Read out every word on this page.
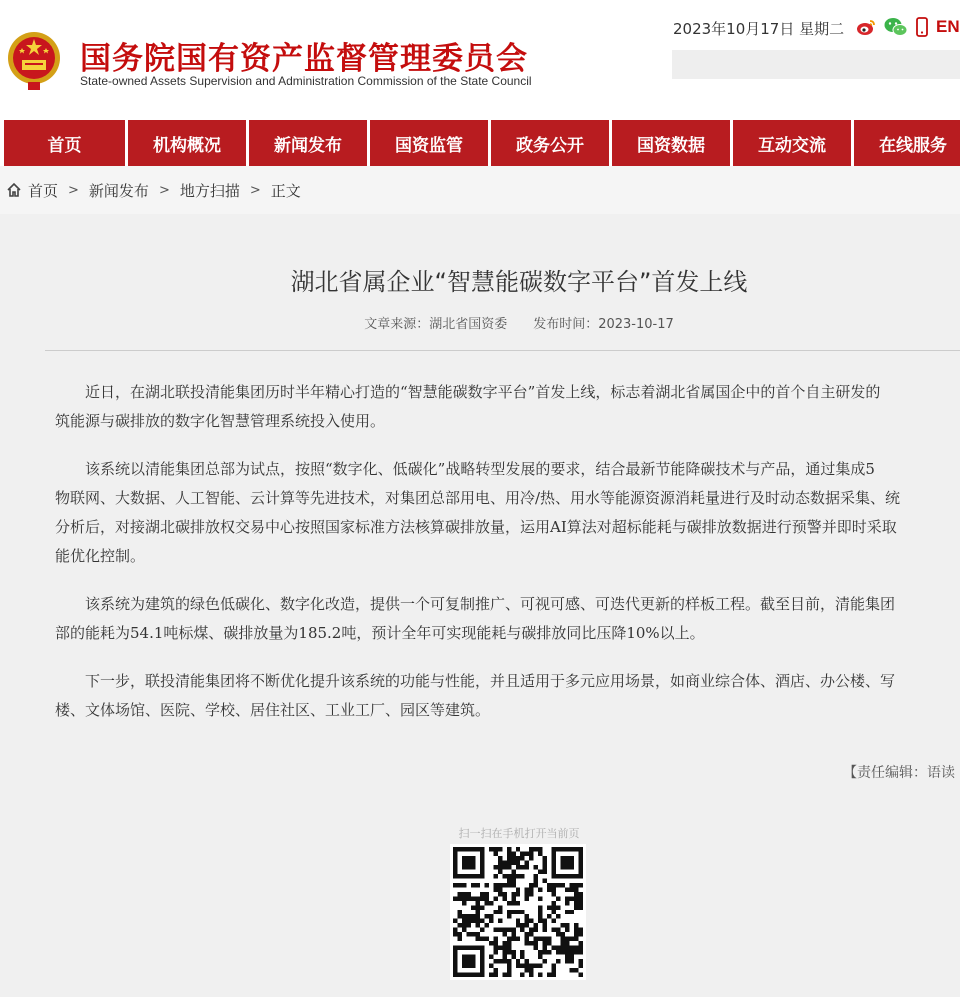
国务院国有资产监督管理委员会
State-owned Assets Supervision and Administration Commission of the State Council
2023年10月17日 星期二	EN
首页	机构概况	新闻发布	国资监管	政务公开	国资数据	互动交流	在线服务
首页 > 新闻发布 > 地方扫描 > 正文
湖北省属企业“智慧能碳数字平台”首发上线
文章来源：湖北省国资委 发布时间：2023-10-17
近日，在湖北联投清能集团历时半年精心打造的“智慧能碳数字平台”首发上线，标志着湖北省属国企中的首个自主研发的
筑能源与碳排放的数字化智慧管理系统投入使用。
该系统以清能集团总部为试点，按照“数字化、低碳化”战略转型发展的要求，结合最新节能降碳技术与产品，通过集成5
物联网、大数据、人工智能、云计算等先进技术，对集团总部用电、用冷/热、用水等能源资源消耗量进行及时动态数据采集、统
分析后，对接湖北碳排放权交易中心按照国家标准方法核算碳排放量，运用AI算法对超标能耗与碳排放数据进行预警并即时采取
能优化控制。
该系统为建筑的绿色低碳化、数字化改造，提供一个可复制推广、可视可感、可迭代更新的样板工程。截至目前，清能集团
部的能耗为54.1吨标煤、碳排放量为185.2吨，预计全年可实现能耗与碳排放同比压降10%以上。
下一步，联投清能集团将不断优化提升该系统的功能与性能，并且适用于多元应用场景，如商业综合体、酒店、办公楼、写
楼、文体场馆、医院、学校、居住社区、工业工厂、园区等建筑。
【责任编辑：语读
扫一扫在手机打开当前页
